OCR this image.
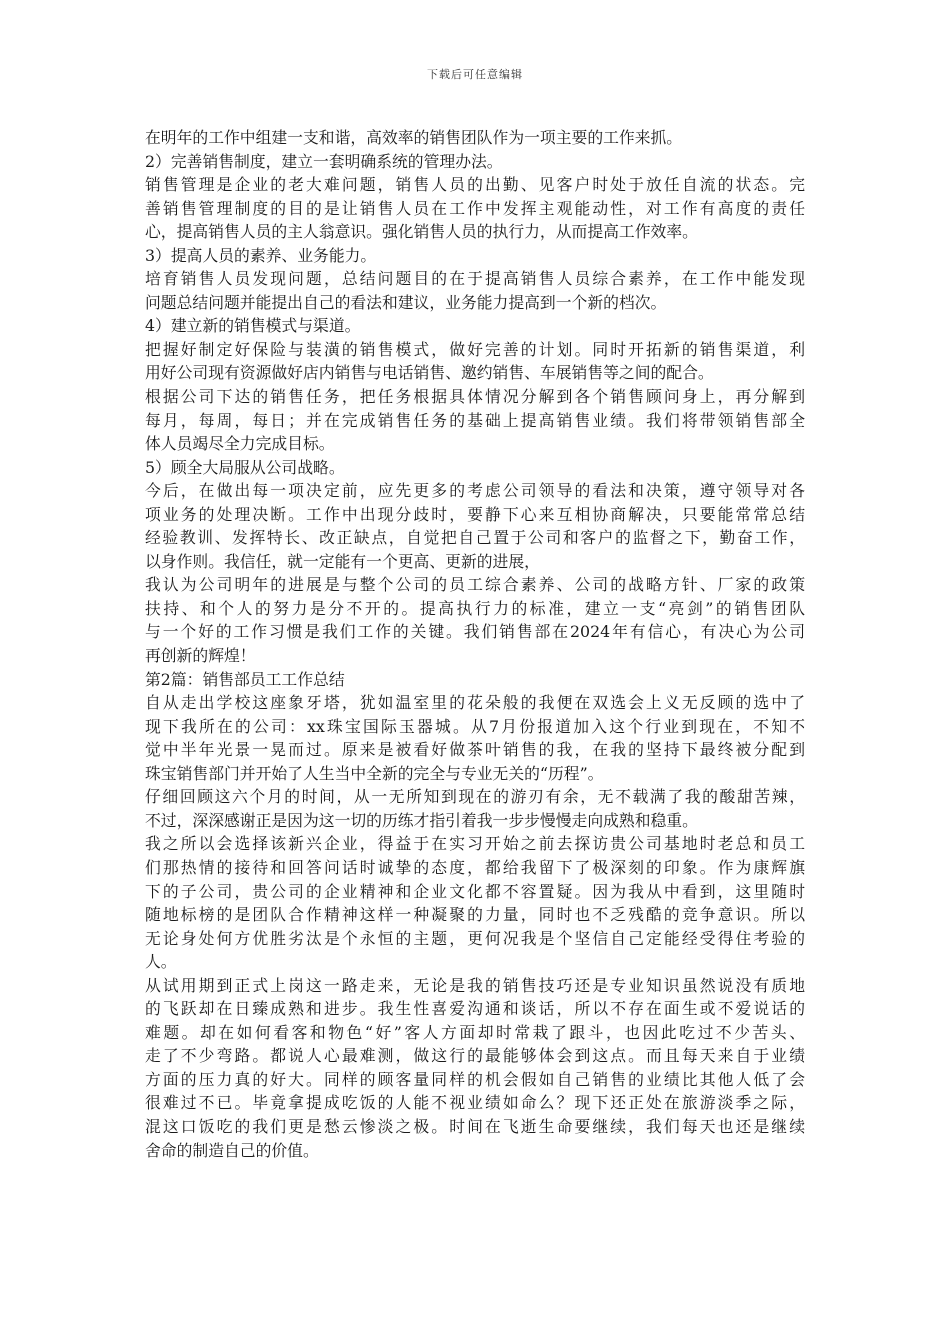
下载后可任意编辑
在明年的工作中组建一支和谐，高效率的销售团队作为一项主要的工作来抓。
2）完善销售制度，建立一套明确系统的管理办法。
销售管理是企业的老大难问题，销售人员的出勤、见客户时处于放任自流的状态。完
善销售管理制度的目的是让销售人员在工作中发挥主观能动性，对工作有高度的责任
心，提高销售人员的主人翁意识。强化销售人员的执行力，从而提高工作效率。
3）提高人员的素养、业务能力。
培育销售人员发现问题，总结问题目的在于提高销售人员综合素养，在工作中能发现
问题总结问题并能提出自己的看法和建议，业务能力提高到一个新的档次。
4）建立新的销售模式与渠道。
把握好制定好保险与装潢的销售模式，做好完善的计划。同时开拓新的销售渠道，利
用好公司现有资源做好店内销售与电话销售、邀约销售、车展销售等之间的配合。
根据公司下达的销售任务，把任务根据具体情况分解到各个销售顾问身上，再分解到
每月，每周，每日；并在完成销售任务的基础上提高销售业绩。我们将带领销售部全
体人员竭尽全力完成目标。
5）顾全大局服从公司战略。
今后，在做出每一项决定前，应先更多的考虑公司领导的看法和决策，遵守领导对各
项业务的处理决断。工作中出现分歧时，要静下心来互相协商解决，只要能常常总结
经验教训、发挥特长、改正缺点，自觉把自己置于公司和客户的监督之下，勤奋工作，
以身作则。我信任，就一定能有一个更高、更新的进展，
我认为公司明年的进展是与整个公司的员工综合素养、公司的战略方针、厂家的政策
扶持、和个人的努力是分不开的。提高执行力的标准，建立一支“亮剑”的销售团队
与一个好的工作习惯是我们工作的关键。我们销售部在2024年有信心，有决心为公司
再创新的辉煌！
第2篇：销售部员工工作总结
自从走出学校这座象牙塔，犹如温室里的花朵般的我便在双选会上义无反顾的选中了
现下我所在的公司：xx珠宝国际玉器城。从7月份报道加入这个行业到现在，不知不
觉中半年光景一晃而过。原来是被看好做茶叶销售的我，在我的坚持下最终被分配到
珠宝销售部门并开始了人生当中全新的完全与专业无关的“历程”。
仔细回顾这六个月的时间，从一无所知到现在的游刃有余，无不载满了我的酸甜苦辣，
不过，深深感谢正是因为这一切的历练才指引着我一步步慢慢走向成熟和稳重。
我之所以会选择该新兴企业，得益于在实习开始之前去探访贵公司基地时老总和员工
们那热情的接待和回答问话时诚挚的态度，都给我留下了极深刻的印象。作为康辉旗
下的子公司，贵公司的企业精神和企业文化都不容置疑。因为我从中看到，这里随时
随地标榜的是团队合作精神这样一种凝聚的力量，同时也不乏残酷的竞争意识。所以
无论身处何方优胜劣汰是个永恒的主题，更何况我是个坚信自己定能经受得住考验的
人。
从试用期到正式上岗这一路走来，无论是我的销售技巧还是专业知识虽然说没有质地
的飞跃却在日臻成熟和进步。我生性喜爱沟通和谈话，所以不存在面生或不爱说话的
难题。却在如何看客和物色“好”客人方面却时常栽了跟斗，也因此吃过不少苦头、
走了不少弯路。都说人心最难测，做这行的最能够体会到这点。而且每天来自于业绩
方面的压力真的好大。同样的顾客量同样的机会假如自己销售的业绩比其他人低了会
很难过不已。毕竟拿提成吃饭的人能不视业绩如命么？现下还正处在旅游淡季之际，
混这口饭吃的我们更是愁云惨淡之极。时间在飞逝生命要继续，我们每天也还是继续
舍命的制造自己的价值。
